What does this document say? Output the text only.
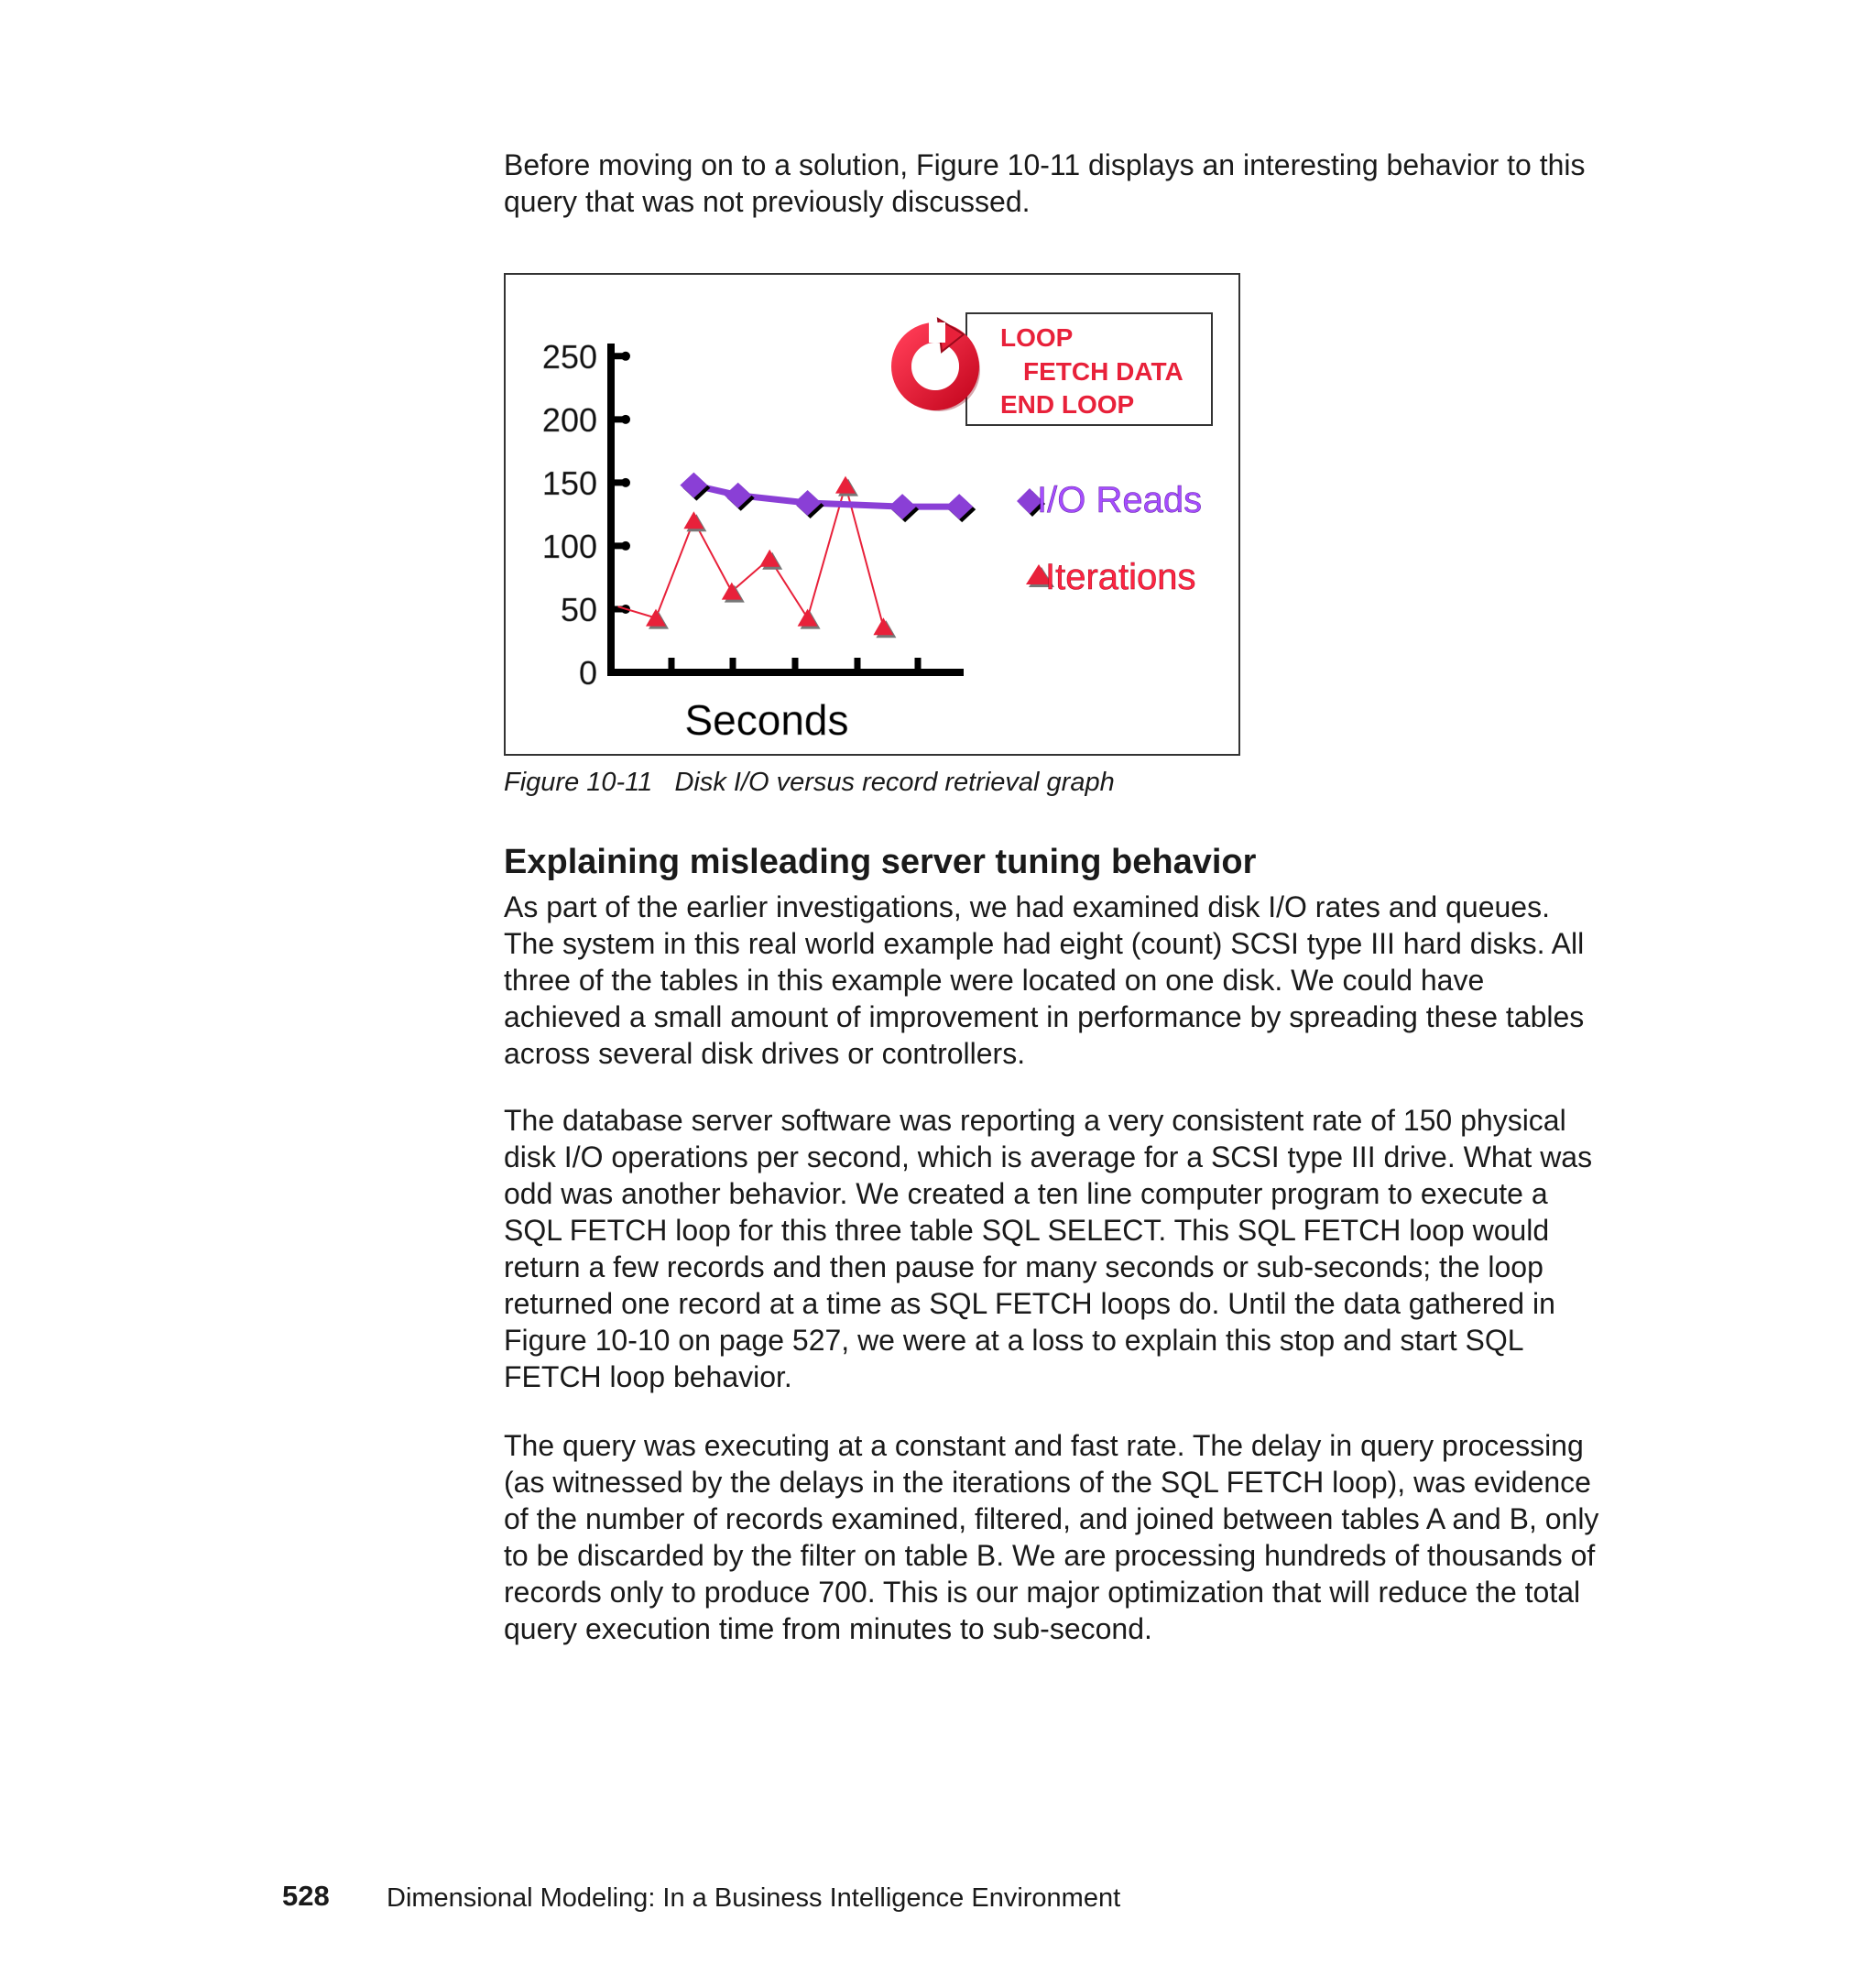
Before moving on to a solution, Figure 10-11 displays an interesting behavior to this query that was not previously discussed.

LOOP
FETCH DATA
END LOOP
250
200
150
100
50
0
Seconds
I/O Reads
Iterations
Figure 10-11   Disk I/O versus record retrieval graph
Explaining misleading server tuning behavior

As part of the earlier investigations, we had examined disk I/O rates and queues. The system in this real world example had eight (count) SCSI type III hard disks. All three of the tables in this example were located on one disk. We could have achieved a small amount of improvement in performance by spreading these tables across several disk drives or controllers.

The database server software was reporting a very consistent rate of 150 physical disk I/O operations per second, which is average for a SCSI type III drive. What was odd was another behavior. We created a ten line computer program to execute a SQL FETCH loop for this three table SQL SELECT. This SQL FETCH loop would return a few records and then pause for many seconds or sub-seconds; the loop returned one record at a time as SQL FETCH loops do. Until the data gathered in Figure 10-10 on page 527, we were at a loss to explain this stop and start SQL FETCH loop behavior.

The query was executing at a constant and fast rate. The delay in query processing (as witnessed by the delays in the iterations of the SQL FETCH loop), was evidence of the number of records examined, filtered, and joined between tables A and B, only to be discarded by the filter on table B. We are processing hundreds of thousands of records only to produce 700. This is our major optimization that will reduce the total query execution time from minutes to sub-second.

528 Dimensional Modeling: In a Business Intelligence Environment
